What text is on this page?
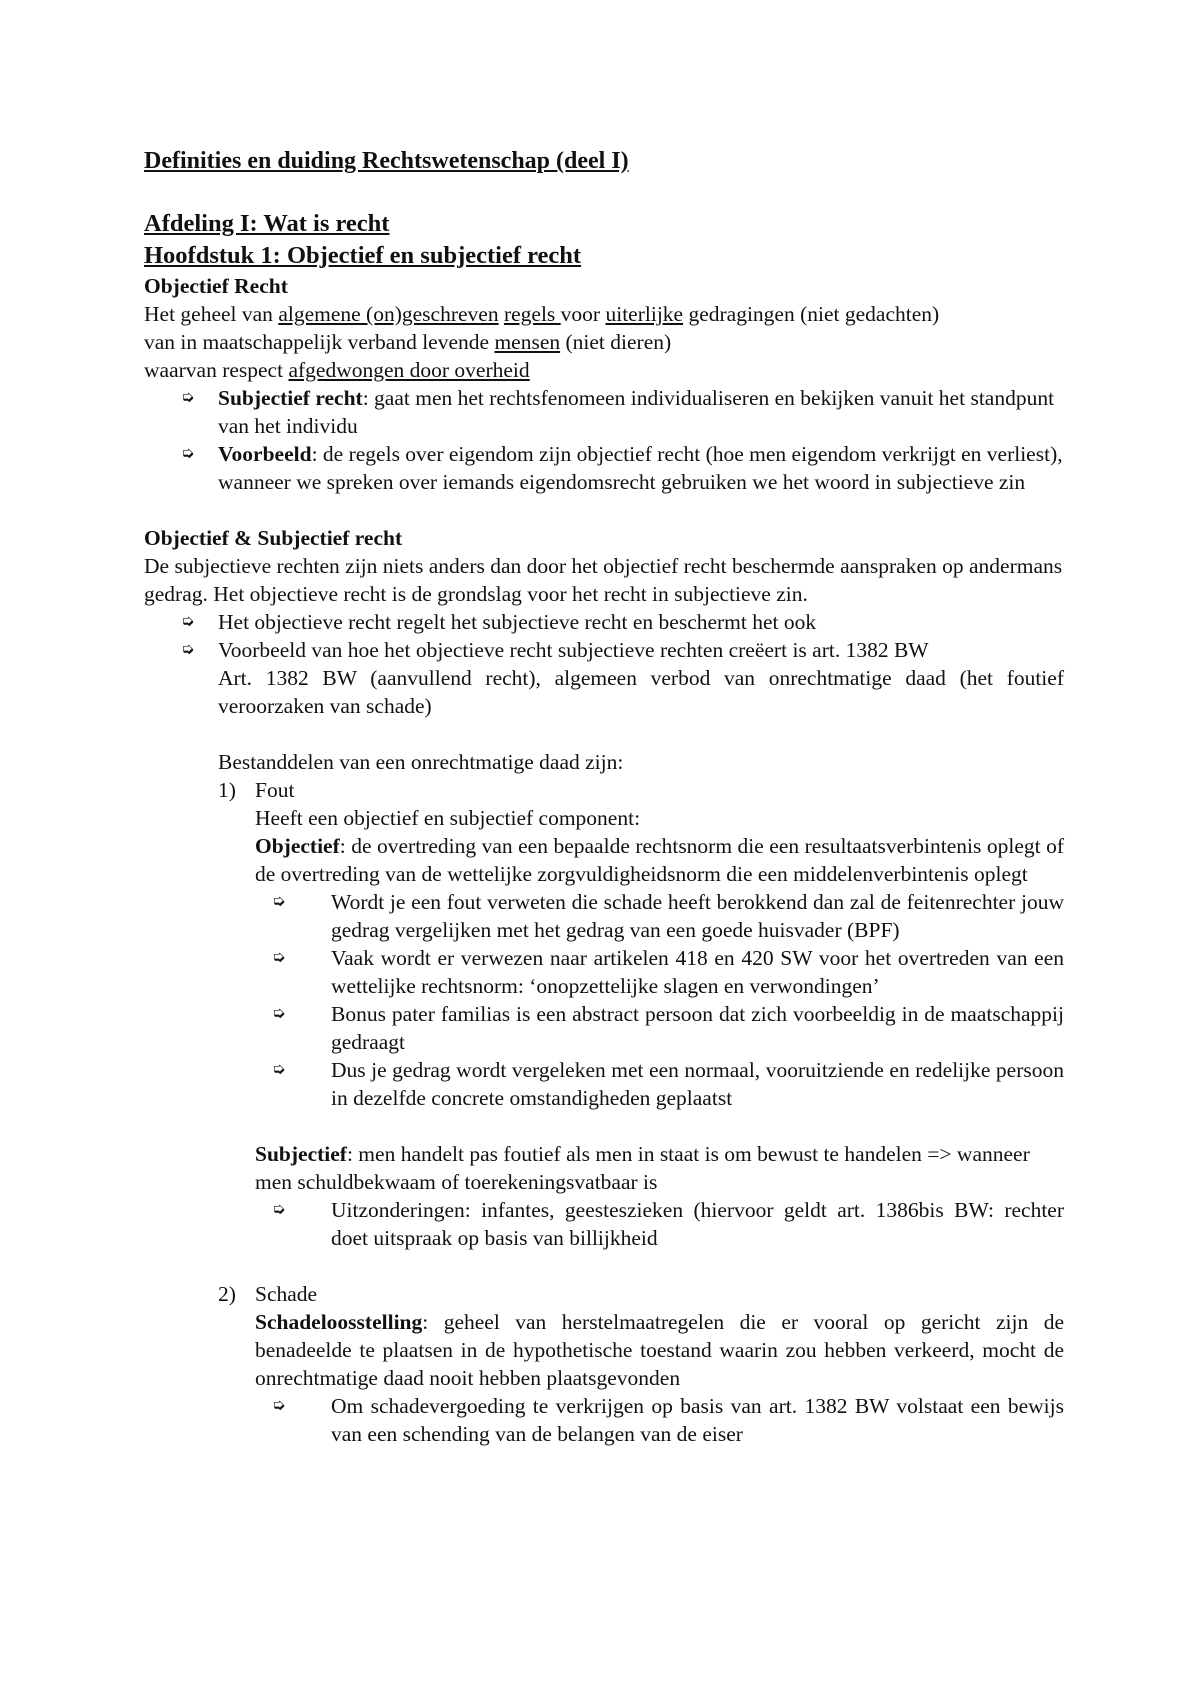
Definities en duiding Rechtswetenschap (deel I)

Afdeling I: Wat is recht

Hoofdstuk 1: Objectief en subjectief recht

Objectief Recht

Het geheel van algemene (on)geschreven regels voor uiterlijke gedragingen (niet gedachten)

van in maatschappelijk verband levende mensen (niet dieren)

waarvan respect afgedwongen door overheid

➭ Subjectief recht: gaat men het rechtsfenomeen individualiseren en bekijken vanuit het standpunt van het individu

➭ Voorbeeld: de regels over eigendom zijn objectief recht (hoe men eigendom verkrijgt en verliest), wanneer we spreken over iemands eigendomsrecht gebruiken we het woord in subjectieve zin

Objectief & Subjectief recht

De subjectieve rechten zijn niets anders dan door het objectief recht beschermde aanspraken op andermans gedrag. Het objectieve recht is de grondslag voor het recht in subjectieve zin.

➭ Het objectieve recht regelt het subjectieve recht en beschermt het ook

➭ Voorbeeld van hoe het objectieve recht subjectieve rechten creëert is art. 1382 BW

Art. 1382 BW (aanvullend recht), algemeen verbod van onrechtmatige daad (het foutief veroorzaken van schade)

Bestanddelen van een onrechtmatige daad zijn:

1) Fout

Heeft een objectief en subjectief component:

Objectief: de overtreding van een bepaalde rechtsnorm die een resultaatsverbintenis oplegt of de overtreding van de wettelijke zorgvuldigheidsnorm die een middelenverbintenis oplegt

➭ Wordt je een fout verweten die schade heeft berokkend dan zal de feitenrechter jouw gedrag vergelijken met het gedrag van een goede huisvader (BPF)

➭ Vaak wordt er verwezen naar artikelen 418 en 420 SW voor het overtreden van een wettelijke rechtsnorm: ‘onopzettelijke slagen en verwondingen’

➭ Bonus pater familias is een abstract persoon dat zich voorbeeldig in de maatschappij gedraagt

➭ Dus je gedrag wordt vergeleken met een normaal, vooruitziende en redelijke persoon in dezelfde concrete omstandigheden geplaatst

Subjectief: men handelt pas foutief als men in staat is om bewust te handelen => wanneer men schuldbekwaam of toerekeningsvatbaar is

➭ Uitzonderingen: infantes, geesteszieken (hiervoor geldt art. 1386bis BW: rechter doet uitspraak op basis van billijkheid

2) Schade

Schadeloosstelling: geheel van herstelmaatregelen die er vooral op gericht zijn de benadeelde te plaatsen in de hypothetische toestand waarin zou hebben verkeerd, mocht de onrechtmatige daad nooit hebben plaatsgevonden

➭ Om schadevergoeding te verkrijgen op basis van art. 1382 BW volstaat een bewijs van een schending van de belangen van de eiser
